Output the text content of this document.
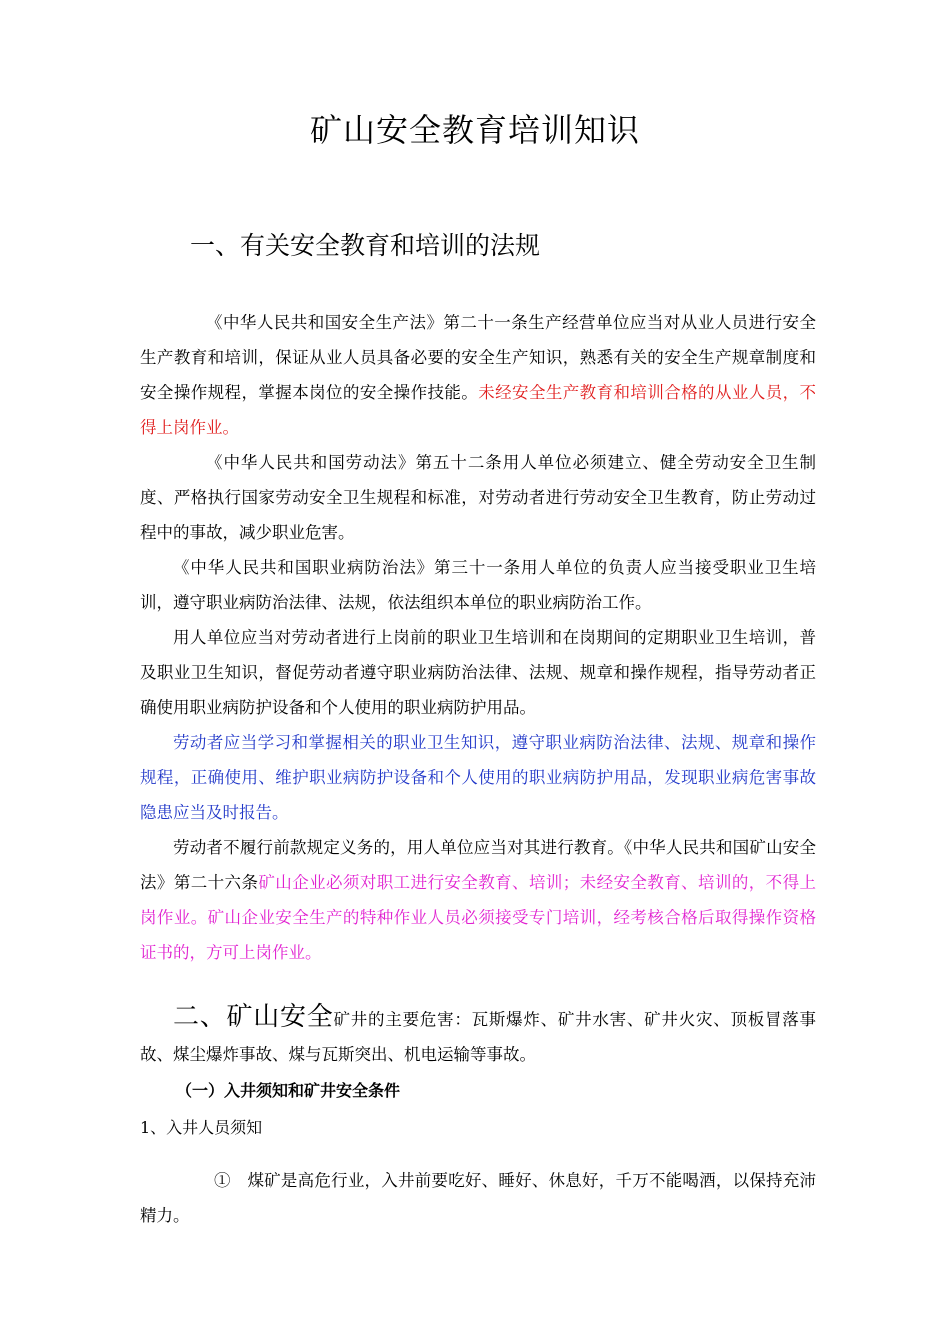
矿山安全教育培训知识
一、有关安全教育和培训的法规
《中华人民共和国安全生产法》第二十一条生产经营单位应当对从业人员进行安全生产教育和培训，保证从业人员具备必要的安全生产知识，熟悉有关的安全生产规章制度和安全操作规程，掌握本岗位的安全操作技能。未经安全生产教育和培训合格的从业人员，不得上岗作业。
《中华人民共和国劳动法》第五十二条用人单位必须建立、健全劳动安全卫生制度、严格执行国家劳动安全卫生规程和标准，对劳动者进行劳动安全卫生教育，防止劳动过程中的事故，减少职业危害。
《中华人民共和国职业病防治法》第三十一条用人单位的负责人应当接受职业卫生培训，遵守职业病防治法律、法规，依法组织本单位的职业病防治工作。
用人单位应当对劳动者进行上岗前的职业卫生培训和在岗期间的定期职业卫生培训，普及职业卫生知识，督促劳动者遵守职业病防治法律、法规、规章和操作规程，指导劳动者正确使用职业病防护设备和个人使用的职业病防护用品。
劳动者应当学习和掌握相关的职业卫生知识，遵守职业病防治法律、法规、规章和操作规程，正确使用、维护职业病防护设备和个人使用的职业病防护用品，发现职业病危害事故隐患应当及时报告。
劳动者不履行前款规定义务的，用人单位应当对其进行教育。《中华人民共和国矿山安全法》第二十六条矿山企业必须对职工进行安全教育、培训；未经安全教育、培训的，不得上岗作业。矿山企业安全生产的特种作业人员必须接受专门培训，经考核合格后取得操作资格证书的，方可上岗作业。
二、矿山安全矿井的主要危害：瓦斯爆炸、矿井水害、矿井火灾、顶板冒落事故、煤尘爆炸事故、煤与瓦斯突出、机电运输等事故。
（一）入井须知和矿井安全条件
1、入井人员须知
①　煤矿是高危行业，入井前要吃好、睡好、休息好，千万不能喝酒，以保持充沛精力。
